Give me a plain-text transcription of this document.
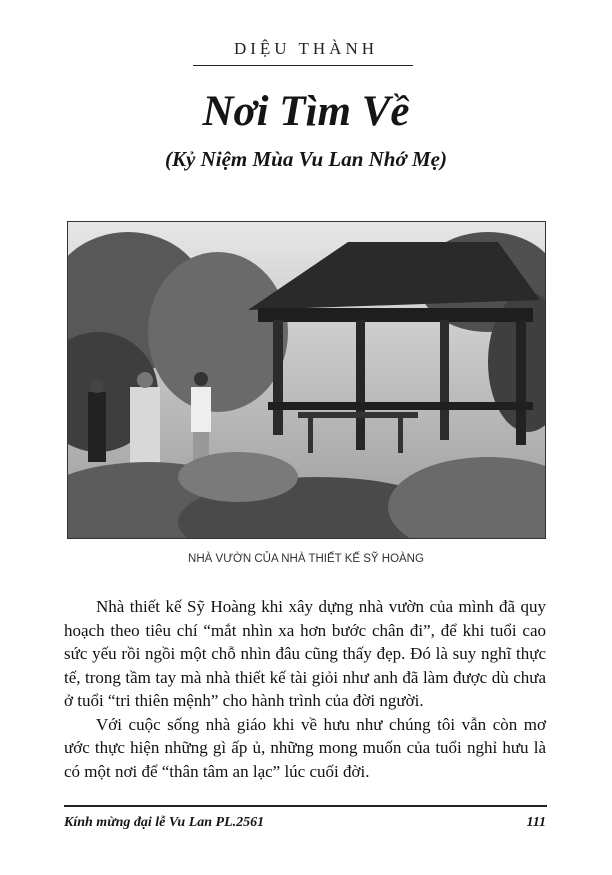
DIỆU THÀNH
Nơi Tìm Về
(Kỷ Niệm Mùa Vu Lan Nhớ Mẹ)
NHÀ VƯỜN CỦA NHÀ THIẾT KẾ SỸ HOÀNG

Nhà thiết kế Sỹ Hoàng khi xây dựng nhà vườn của mình đã quy hoạch theo tiêu chí “mắt nhìn xa hơn bước chân đi”, để khi tuổi cao sức yếu rồi ngồi một chỗ nhìn đâu cũng thấy đẹp. Đó là suy nghĩ thực tế, trong tầm tay mà nhà thiết kế tài giỏi như anh đã làm được dù chưa ở tuổi “tri thiên mệnh” cho hành trình của đời người.

Với cuộc sống nhà giáo khi về hưu như chúng tôi vẫn còn mơ ước thực hiện những gì ấp ủ, những mong muốn của tuổi nghỉ hưu là có một nơi để “thân tâm an lạc” lúc cuối đời.

Kính mừng đại lễ Vu Lan PL.2561	111
